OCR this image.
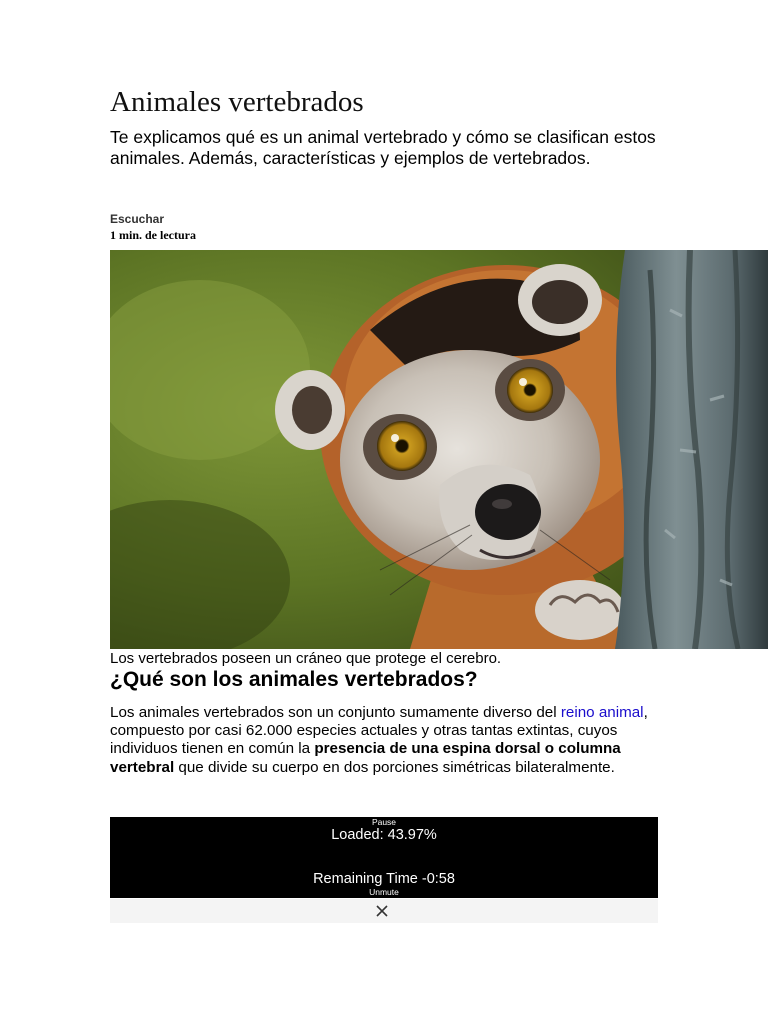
Animales vertebrados

Te explicamos qué es un animal vertebrado y cómo se clasifican estos animales. Además, características y ejemplos de vertebrados.

Escuchar
1 min. de lectura
Los vertebrados poseen un cráneo que protege el cerebro.
¿Qué son los animales vertebrados?

Los animales vertebrados son un conjunto sumamente diverso del reino animal, compuesto por casi 62.000 especies actuales y otras tantas extintas, cuyos individuos tienen en común la presencia de una espina dorsal o columna vertebral que divide su cuerpo en dos porciones simétricas bilateralmente.

Pause
Loaded: 43.97%
Remaining Time -0:58
Unmute
